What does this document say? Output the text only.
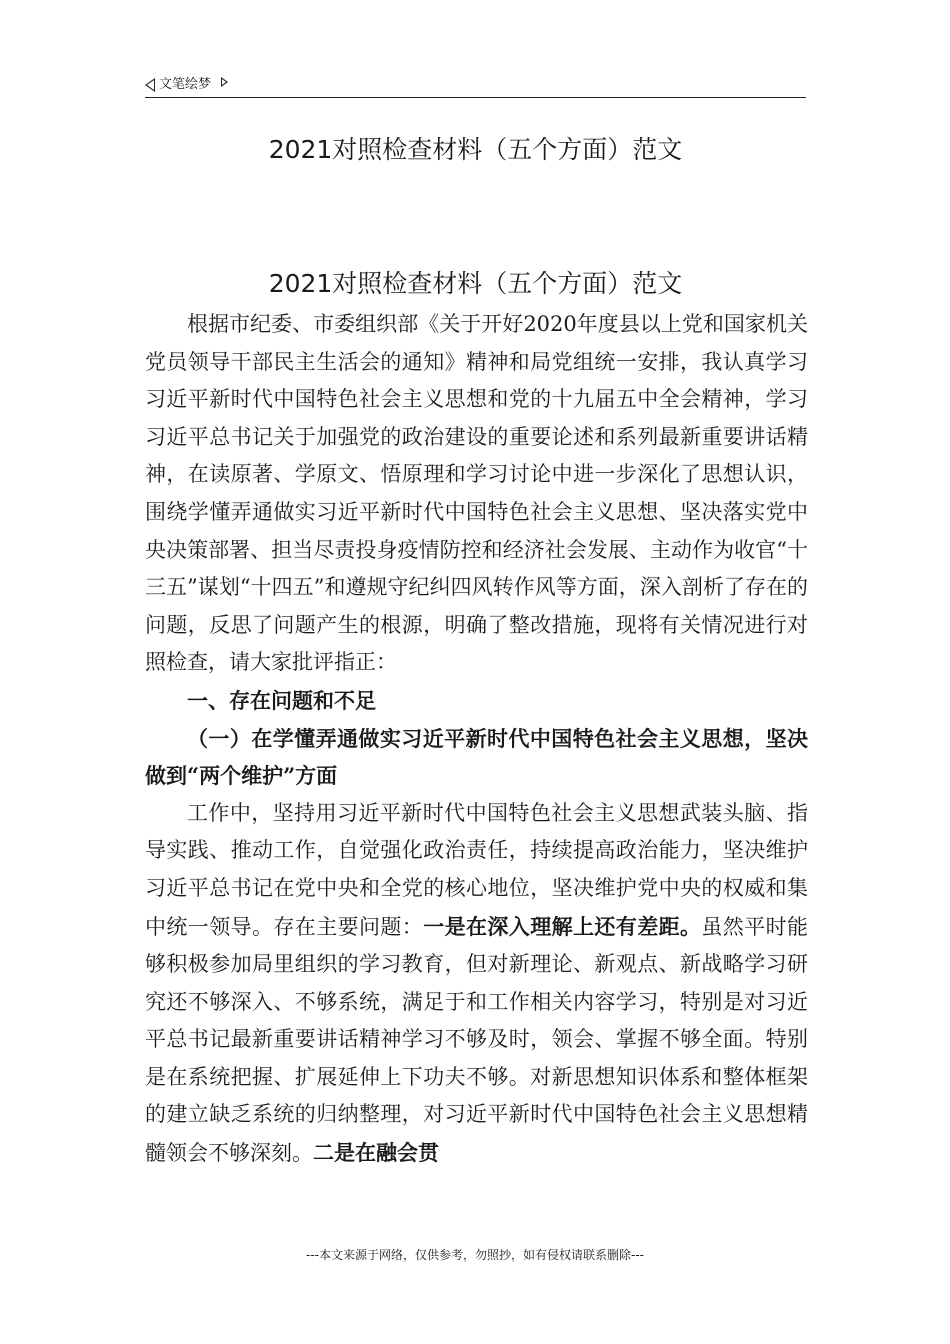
文笔绘梦
2021对照检查材料（五个方面）范文
2021对照检查材料（五个方面）范文

根据市纪委、市委组织部《关于开好2020年度县以上党和国家机关党员领导干部民主生活会的通知》精神和局党组统一安排，我认真学习习近平新时代中国特色社会主义思想和党的十九届五中全会精神，学习习近平总书记关于加强党的政治建设的重要论述和系列最新重要讲话精神，在读原著、学原文、悟原理和学习讨论中进一步深化了思想认识，围绕学懂弄通做实习近平新时代中国特色社会主义思想、坚决落实党中央决策部署、担当尽责投身疫情防控和经济社会发展、主动作为收官“十三五”谋划“十四五”和遵规守纪纠四风转作风等方面，深入剖析了存在的问题，反思了问题产生的根源，明确了整改措施，现将有关情况进行对照检查，请大家批评指正：

一、存在问题和不足

（一）在学懂弄通做实习近平新时代中国特色社会主义思想，坚决做到“两个维护”方面

工作中，坚持用习近平新时代中国特色社会主义思想武装头脑、指导实践、推动工作，自觉强化政治责任，持续提高政治能力，坚决维护习近平总书记在党中央和全党的核心地位，坚决维护党中央的权威和集中统一领导。存在主要问题：一是在深入理解上还有差距。虽然平时能够积极参加局里组织的学习教育，但对新理论、新观点、新战略学习研究还不够深入、不够系统，满足于和工作相关内容学习，特别是对习近平总书记最新重要讲话精神学习不够及时，领会、掌握不够全面。特别是在系统把握、扩展延伸上下功夫不够。对新思想知识体系和整体框架的建立缺乏系统的归纳整理，对习近平新时代中国特色社会主义思想精髓领会不够深刻。二是在融会贯

---本文来源于网络，仅供参考，勿照抄，如有侵权请联系删除---
